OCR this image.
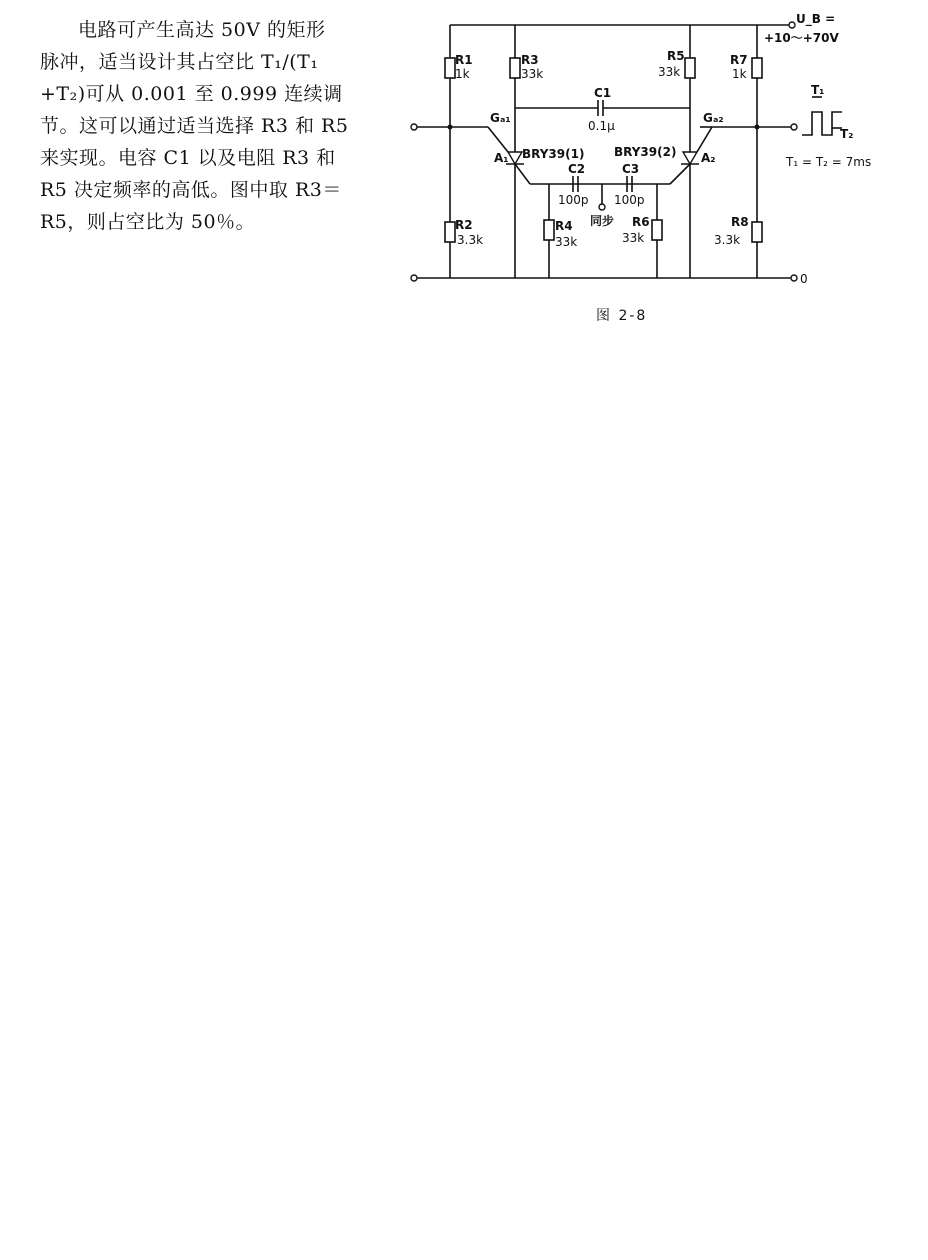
电路可产生高达 50V 的矩形
脉冲，适当设计其占空比 T₁/(T₁
+T₂)可从 0.001 至 0.999 连续调
节。这可以通过适当选择 R3 和 R5
来实现。电容 C1 以及电阻 R3 和
R5 决定频率的高低。图中取 R3＝
R5，则占空比为 50％。
U_B =
+10～+70V
R1
1k
R2
3.3k
R3
33k
R5
33k
R7
1k
R8
3.3k
R4
33k
R6
33k
C1
0.1μ
C2
100p
C3
100p
BRY39(1) BRY39(2)
Gₐ₁	Gₐ₂
A₁	A₂
同步
0
T₁
T₂
T₁ = T₂ = 7ms
图 2-8
